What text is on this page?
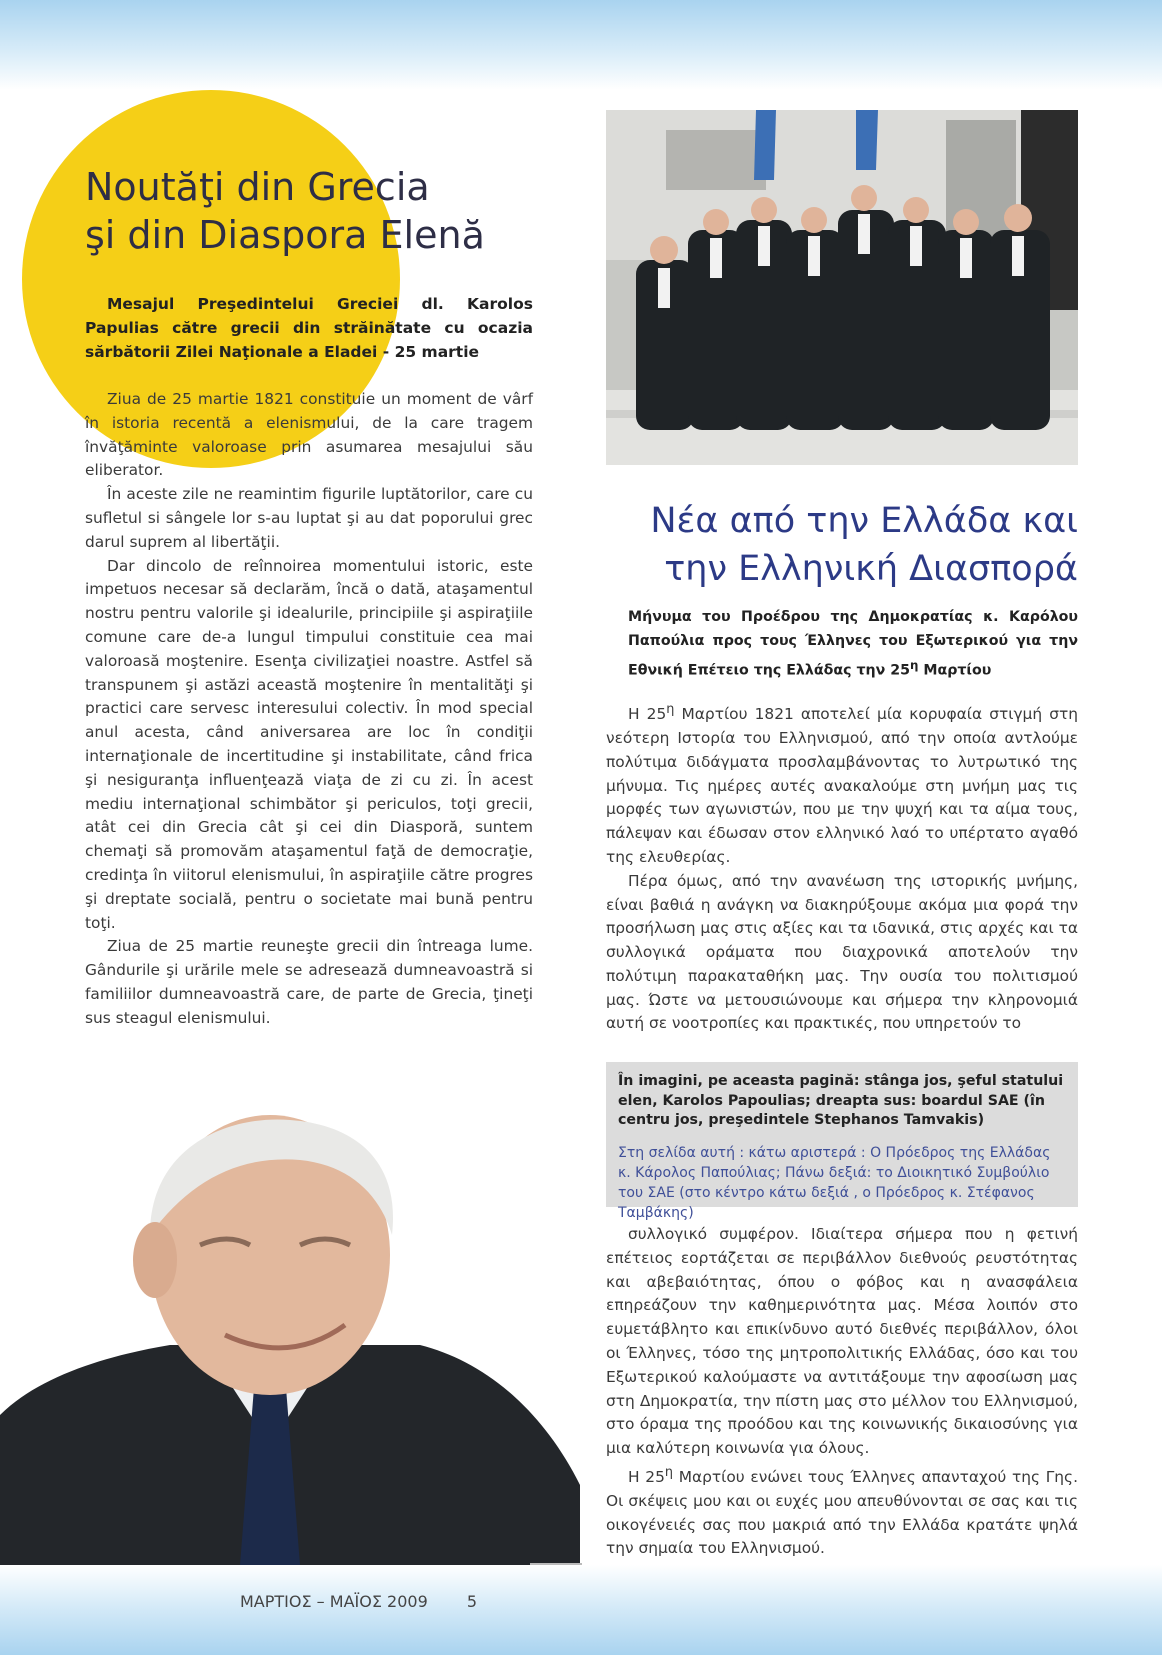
Noutăţi din Grecia
şi din Diaspora Elenă

Mesajul Preşedintelui Greciei dl. Karolos Papulias către grecii din străinătate cu ocazia sărbătorii Zilei Naţionale a Eladei - 25 martie

Ziua de 25 martie 1821 constituie un moment de vârf în istoria recentă a elenismului, de la care tragem învăţăminte valoroase prin asumarea mesajului său eliberator.

În aceste zile ne reamintim figurile luptătorilor, care cu sufletul si sângele lor s-au luptat şi au dat poporului grec darul suprem al libertăţii.

Dar dincolo de reînnoirea momentului istoric, este impetuos necesar să declarăm, încă o dată, ataşamentul nostru pentru valorile şi idealurile, principiile şi aspiraţiile comune care de-a lungul timpului constituie cea mai valoroasă moştenire. Esenţa civilizaţiei noastre. Astfel să transpunem şi astăzi această moştenire în mentalităţi şi practici care servesc interesului colectiv. În mod special anul acesta, când aniversarea are loc în condiţii internaţionale de incertitudine şi instabilitate, când frica şi nesiguranţa influenţează viaţa de zi cu zi. În acest mediu internaţional schimbător şi periculos, toţi grecii, atât cei din Grecia cât şi cei din Diasporă, suntem chemaţi să promovăm ataşamentul faţă de democraţie, credinţa în viitorul elenismului, în aspiraţiile către progres şi dreptate socială, pentru o societate mai bună pentru toţi.

Ziua de 25 martie reuneşte grecii din întreaga lume. Gândurile şi urările mele se adresează dumneavoastră si familiilor dumneavoastră care, de parte de Grecia, ţineţi sus steagul elenismului.

Νέα από την Ελλάδα και
την Ελληνική Διασπορά

Μήνυμα του Προέδρου της Δημοκρατίας κ. Καρόλου Παπούλια προς τους Έλληνες του Εξωτερικού για την Εθνική Επέτειο της Ελλάδας την $25^\eta$ Μαρτίου

Η $25^\eta$ Μαρτίου 1821 αποτελεί μία κορυφαία στιγμή στη νεότερη Ιστορία του Ελληνισμού, από την οποία αντλούμε πολύτιμα διδάγματα προσλαμβάνοντας το λυτρωτικό της μήνυμα. Τις ημέρες αυτές ανακαλούμε στη μνήμη μας τις μορφές των αγωνιστών, που με την ψυχή και τα αίμα τους, πάλεψαν και έδωσαν στον ελληνικό λαό το υπέρτατο αγαθό της ελευθερίας.

Πέρα όμως, από την ανανέωση της ιστορικής μνήμης, είναι βαθιά η ανάγκη να διακηρύξουμε ακόμα μια φορά την προσήλωση μας στις αξίες και τα ιδανικά, στις αρχές και τα συλλογικά οράματα που διαχρονικά αποτελούν την πολύτιμη παρακαταθήκη μας. Την ουσία του πολιτισμού μας. Ώστε να μετουσιώνουμε και σήμερα την κληρονομιά αυτή σε νοοτροπίες και πρακτικές, που υπηρετούν το

În imagini, pe aceasta pagină: stânga jos, şeful statului elen, Karolos Papoulias; dreapta sus: boardul SAE (în centru jos, preşedintele Stephanos Tamvakis)

Στη σελίδα αυτή : κάτω αριστερά : Ο Πρόεδρος της Ελλάδας κ. Κάρολος Παπούλιας; Πάνω δεξιά: το Διοικητικό Συμβούλιο του ΣΑΕ (στο κέντρο κάτω δεξιά , ο Πρόεδρος κ. Στέφανος Ταμβάκης)

συλλογικό συμφέρον. Ιδιαίτερα σήμερα που η φετινή επέτειος εορτάζεται σε περιβάλλον διεθνούς ρευστότητας και αβεβαιότητας, όπου ο φόβος και η ανασφάλεια επηρεάζουν την καθημερινότητα μας. Μέσα λοιπόν στο ευμετάβλητο και επικίνδυνο αυτό διεθνές περιβάλλον, όλοι οι Έλληνες, τόσο της μητροπολιτικής Ελλάδας, όσο και του Εξωτερικού καλούμαστε να αντιτάξουμε την αφοσίωση μας στη Δημοκρατία, την πίστη μας στο μέλλον του Ελληνισμού, στο όραμα της προόδου και της κοινωνικής δικαιοσύνης για μια καλύτερη κοινωνία για όλους.

Η $25^\eta$ Μαρτίου ενώνει τους Έλληνες απανταχού της Γης. Οι σκέψεις μου και οι ευχές μου απευθύνονται σε σας και τις οικογένειές σας που μακριά από την Ελλάδα κρατάτε ψηλά την σημαία του Ελληνισμού.

ΜΑΡΤΙΟΣ – ΜΑΪΟΣ 2009 5
